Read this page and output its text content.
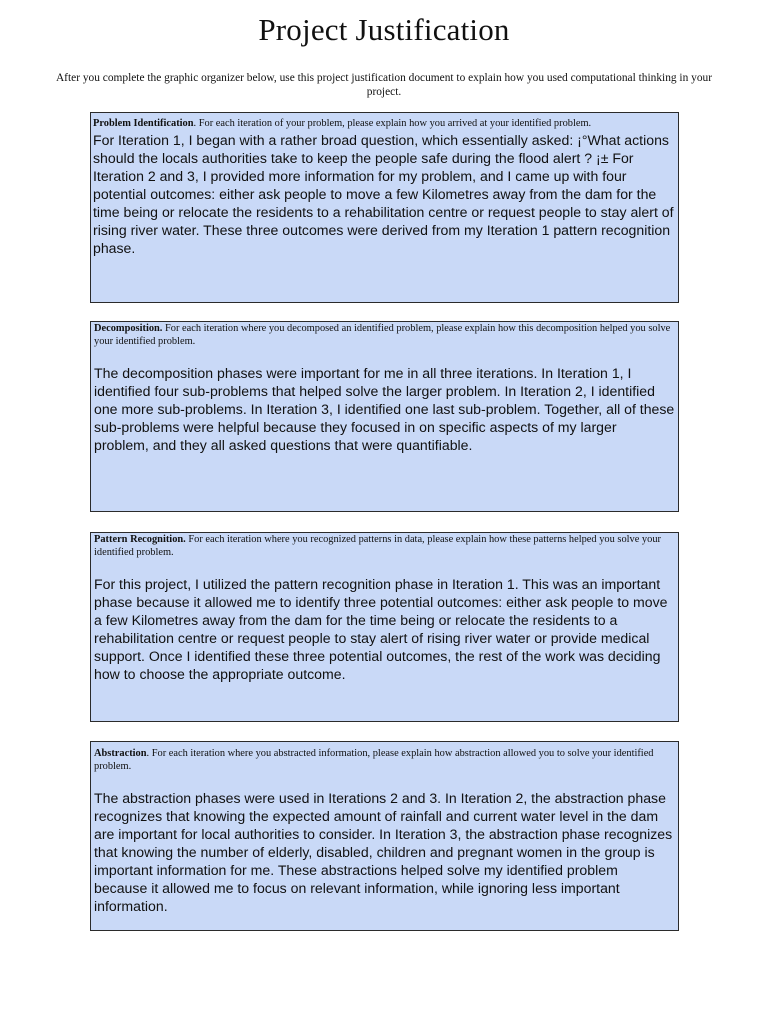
Project Justification

After you complete the graphic organizer below, use this project justification document to explain how you used computational thinking in your project.

Problem Identification. For each iteration of your problem, please explain how you arrived at your identified problem.

For Iteration 1, I began with a rather broad question, which essentially asked: ¡°What actions should the locals authorities take to keep the people safe during the flood alert ? ¡± For Iteration 2 and 3, I provided more information for my problem, and I came up with four potential outcomes: either ask people to move a few Kilometres away from the dam for the time being or relocate the residents to a rehabilitation centre or request people to stay alert of rising river water. These three outcomes were derived from my Iteration 1 pattern recognition phase.

Decomposition. For each iteration where you decomposed an identified problem, please explain how this decomposition helped you solve your identified problem.

The decomposition phases were important for me in all three iterations. In Iteration 1, I identified four sub-problems that helped solve the larger problem. In Iteration 2, I identified one more sub-problems. In Iteration 3, I identified one last sub-problem. Together, all of these sub-problems were helpful because they focused in on specific aspects of my larger problem, and they all asked questions that were quantifiable.

Pattern Recognition. For each iteration where you recognized patterns in data, please explain how these patterns helped you solve your identified problem.

For this project, I utilized the pattern recognition phase in Iteration 1. This was an important phase because it allowed me to identify three potential outcomes: either ask people to move a few Kilometres away from the dam for the time being or relocate the residents to a rehabilitation centre or request people to stay alert of rising river water or provide medical support. Once I identified these three potential outcomes, the rest of the work was deciding how to choose the appropriate outcome.

Abstraction. For each iteration where you abstracted information, please explain how abstraction allowed you to solve your identified problem.

The abstraction phases were used in Iterations 2 and 3. In Iteration 2, the abstraction phase recognizes that knowing the expected amount of rainfall and current water level in the dam are important for local authorities to consider. In Iteration 3, the abstraction phase recognizes that knowing the number of elderly, disabled, children and pregnant women in the group is important information for me. These abstractions helped solve my identified problem because it allowed me to focus on relevant information, while ignoring less important information.
